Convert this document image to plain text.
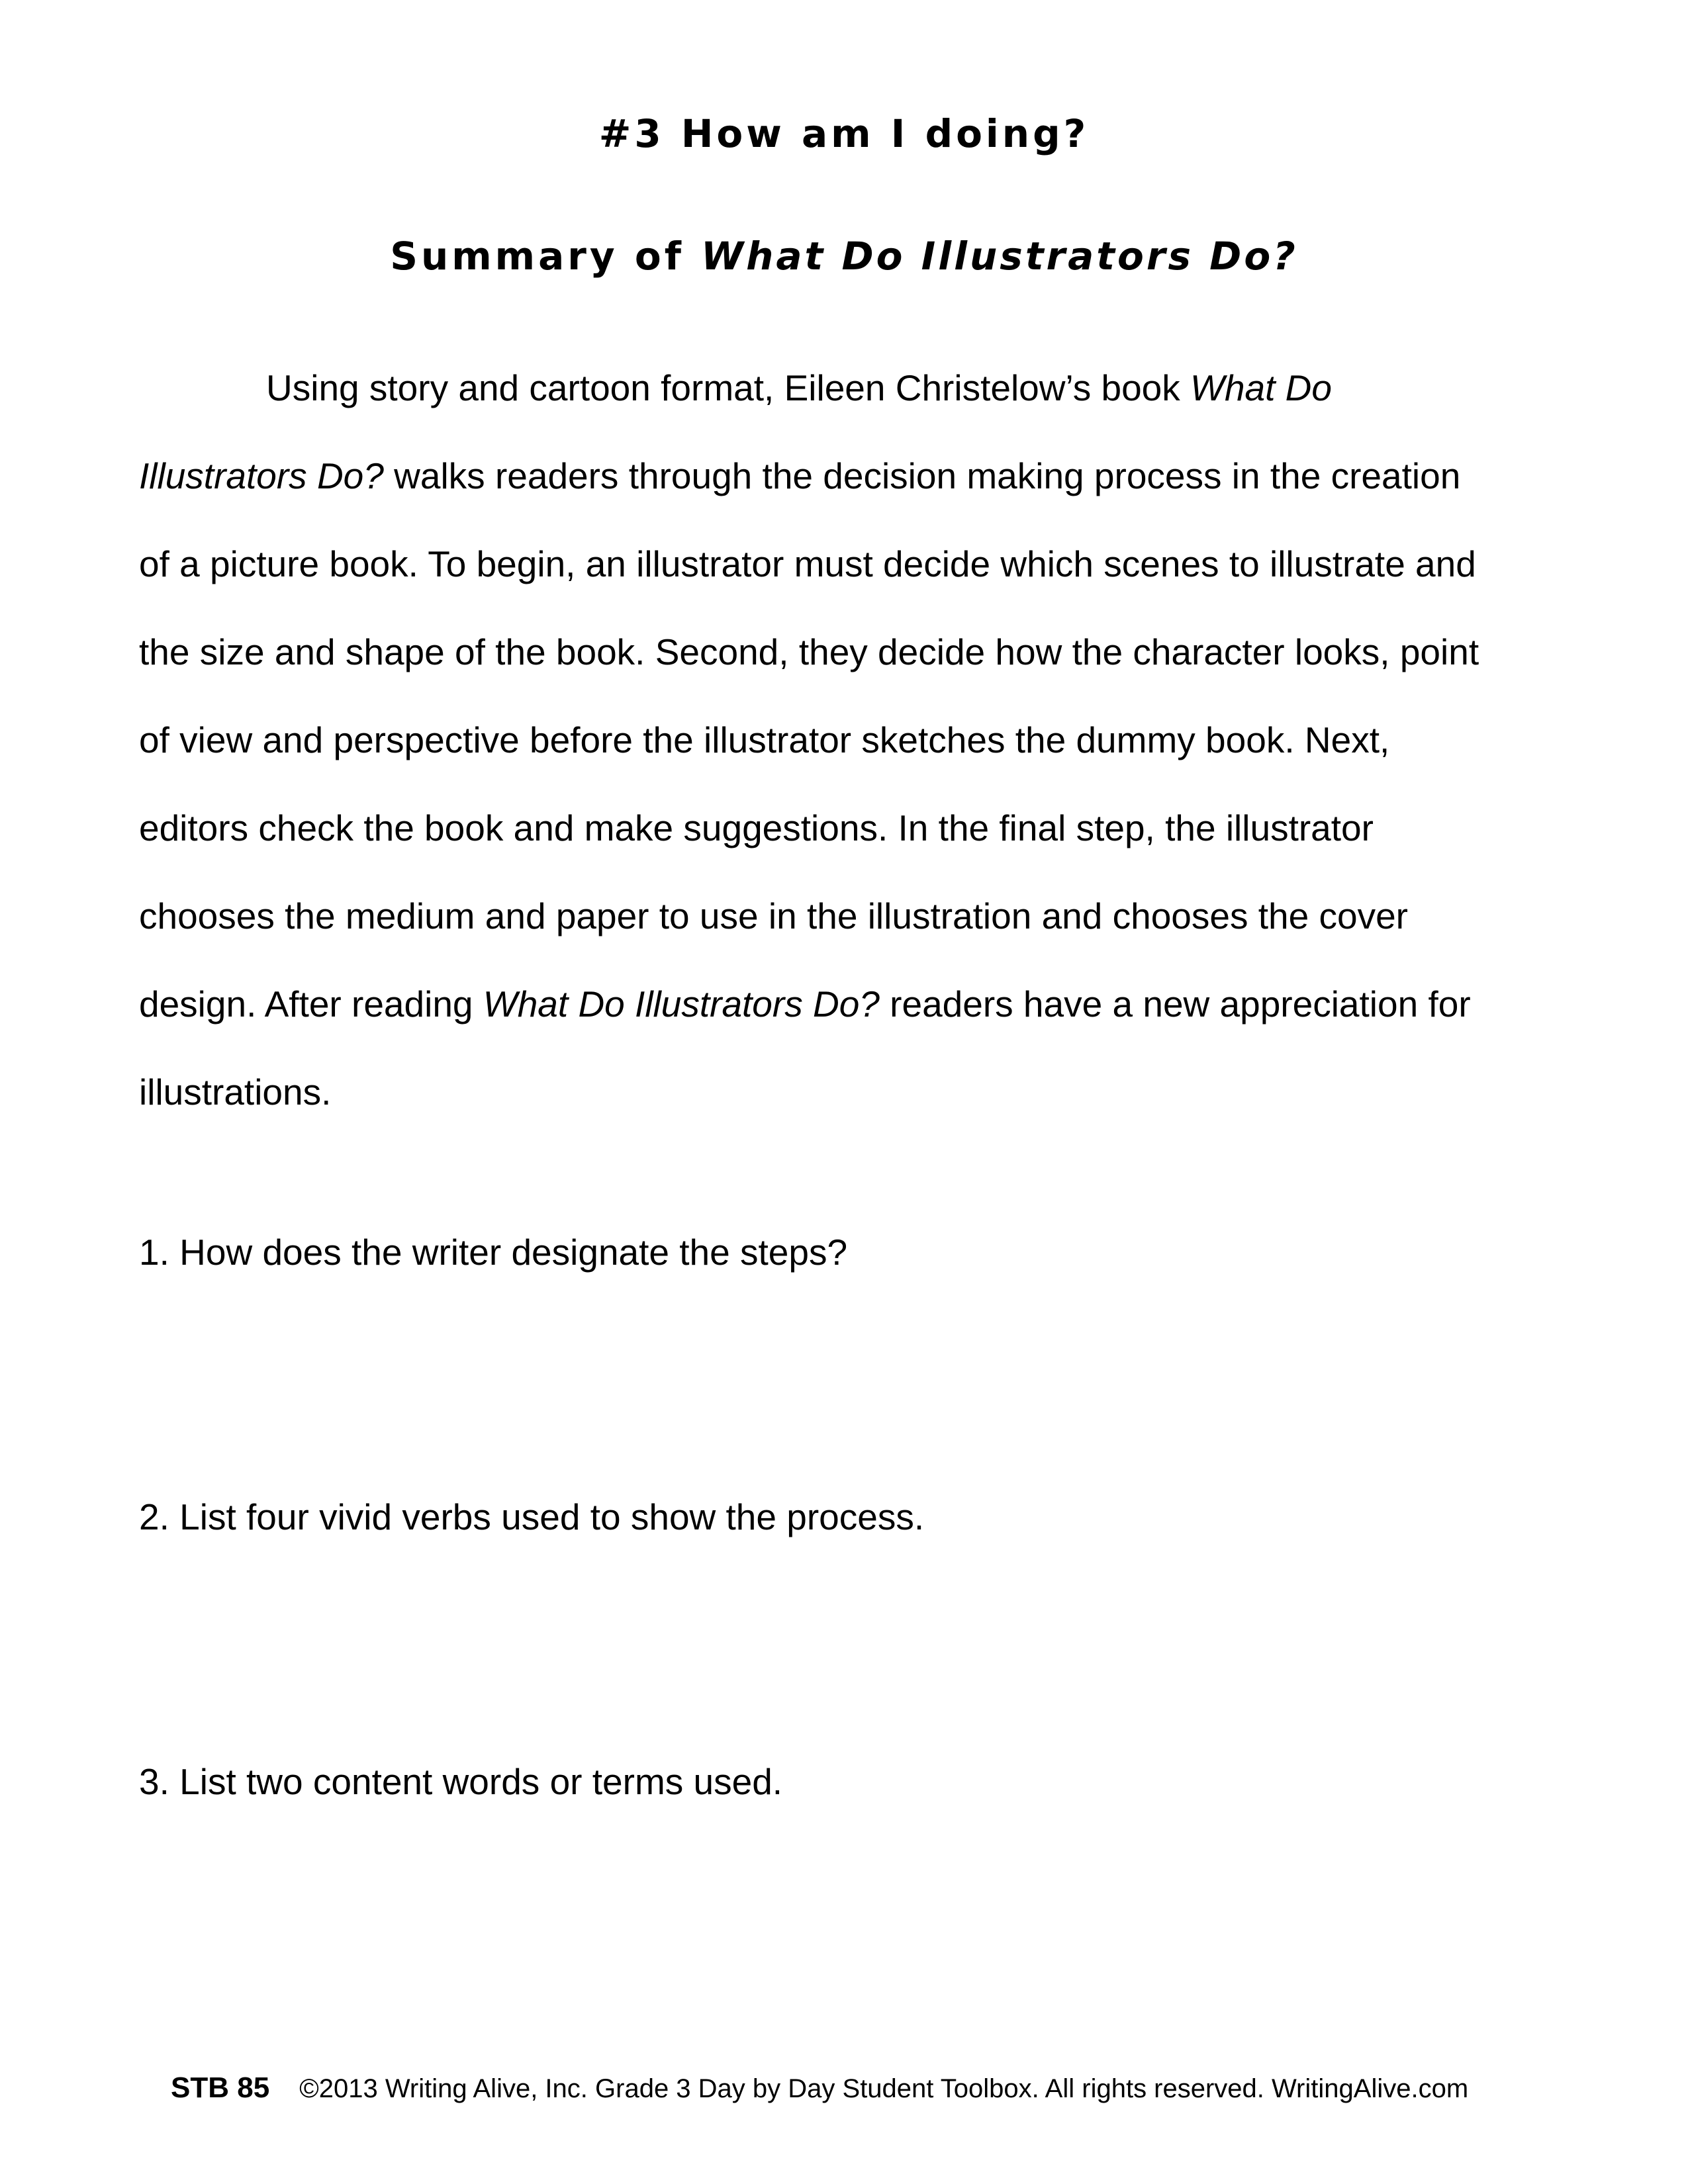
#3 How am I doing?
Summary of What Do Illustrators Do?
Using story and cartoon format, Eileen Christelow’s book What Do
Illustrators Do? walks readers through the decision making process in the creation
of a picture book. To begin, an illustrator must decide which scenes to illustrate and
the size and shape of the book. Second, they decide how the character looks, point
of view and perspective before the illustrator sketches the dummy book. Next,
editors check the book and make suggestions. In the final step, the illustrator
chooses the medium and paper to use in the illustration and chooses the cover
design. After reading What Do Illustrators Do? readers have a new appreciation for
illustrations.

1. How does the writer designate the steps?

2. List four vivid verbs used to show the process.

3. List two content words or terms used.

STB 85 ©2013 Writing Alive, Inc. Grade 3 Day by Day Student Toolbox. All rights reserved. WritingAlive.com
